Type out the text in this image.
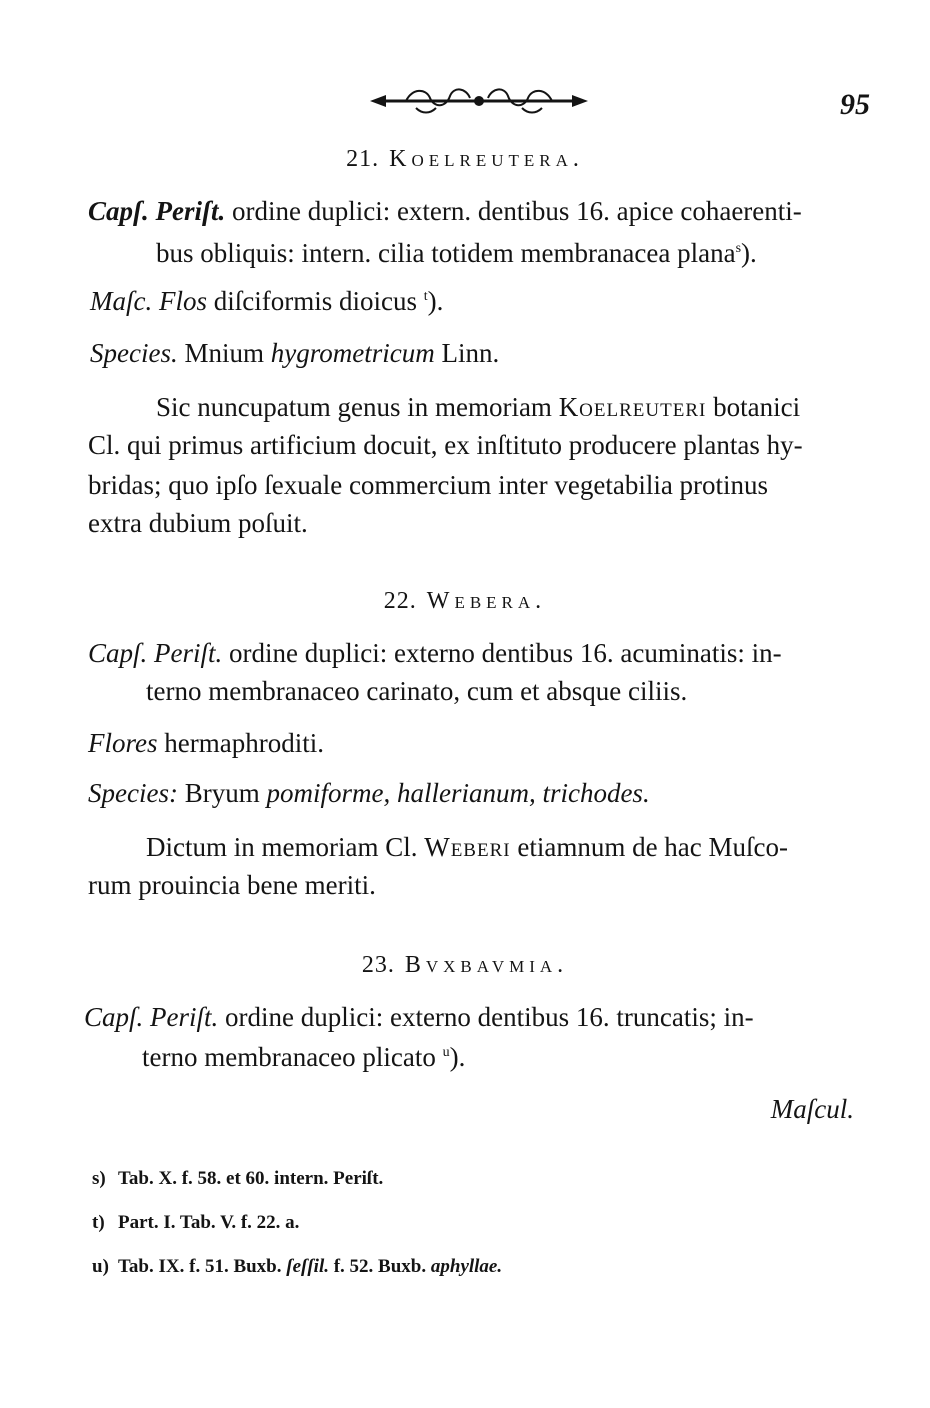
95
21. Koelreutera.
Capſ. Periſt. ordine duplici: extern. dentibus 16. apice cohaerenti-
bus obliquis: intern. cilia totidem membranacea plana$^s$).
Maſc. Flos diſciformis dioicus $^t$).
Species. Mnium hygrometricum Linn.
Sic nuncupatum genus in memoriam Koelreuteri botanici
Cl. qui primus artificium docuit, ex inſtituto producere plantas hy-
bridas; quo ipſo ſexuale commercium inter vegetabilia protinus
extra dubium poſuit.
22. Webera.
Capſ. Periſt. ordine duplici: externo dentibus 16. acuminatis: in-
terno membranaceo carinato, cum et absque ciliis.
Flores hermaphroditi.
Species: Bryum pomiforme, hallerianum, trichodes.
Dictum in memoriam Cl. Weberi etiamnum de hac Muſco-
rum prouincia bene meriti.
23. Bvxbavmia.
Capſ. Periſt. ordine duplici: externo dentibus 16. truncatis; in-
terno membranaceo plicato $^u$).
Maſcul.
s) Tab. X. f. 58. et 60. intern. Periſt.
t) Part. I. Tab. V. f. 22. a.
u) Tab. IX. f. 51. Buxb. ſeſſil. f. 52. Buxb. aphyllae.
